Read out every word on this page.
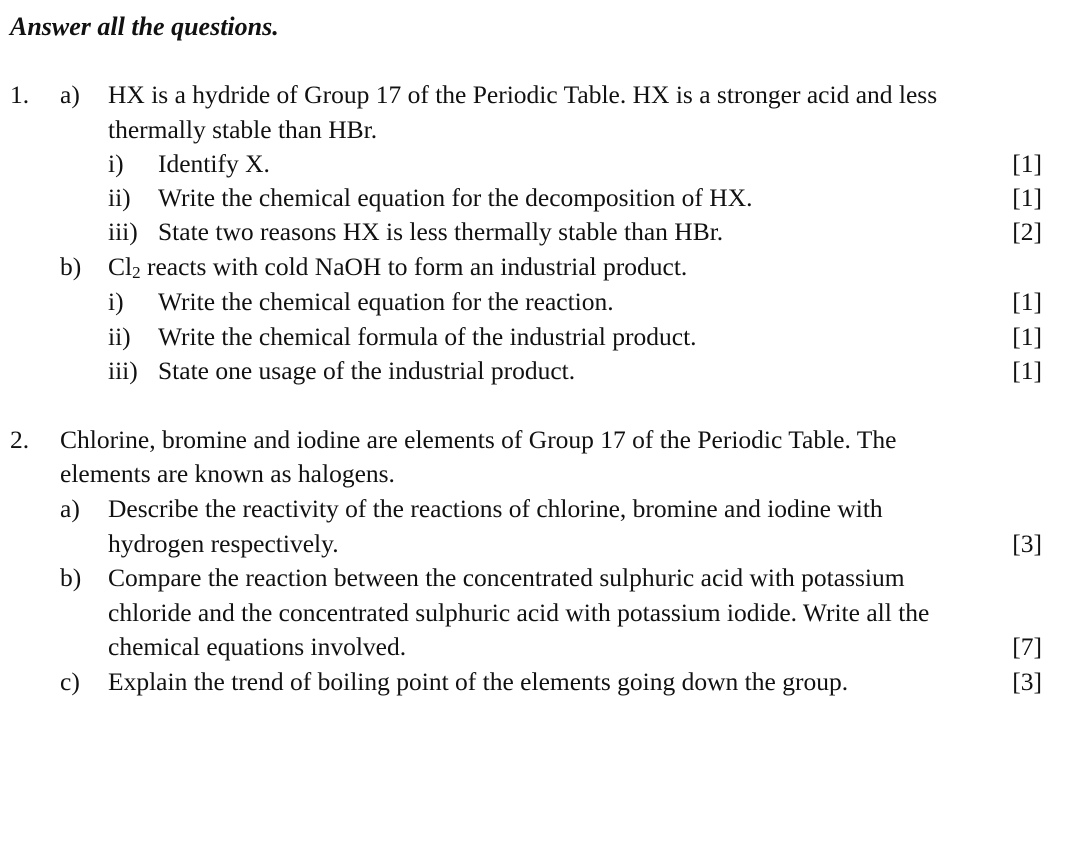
Answer all the questions.
1. a) HX is a hydride of Group 17 of the Periodic Table. HX is a stronger acid and less
thermally stable than HBr.
i) Identify X.	[1]
ii) Write the chemical equation for the decomposition of HX.	[1]
iii) State two reasons HX is less thermally stable than HBr.	[2]
b) $Cl_2$ reacts with cold NaOH to form an industrial product.
i) Write the chemical equation for the reaction.	[1]
ii) Write the chemical formula of the industrial product.	[1]
iii) State one usage of the industrial product.	[1]
2. Chlorine, bromine and iodine are elements of Group 17 of the Periodic Table. The
elements are known as halogens.
a) Describe the reactivity of the reactions of chlorine, bromine and iodine with
hydrogen respectively.	[3]
b) Compare the reaction between the concentrated sulphuric acid with potassium
chloride and the concentrated sulphuric acid with potassium iodide. Write all the
chemical equations involved.	[7]
c) Explain the trend of boiling point of the elements going down the group.	[3]
